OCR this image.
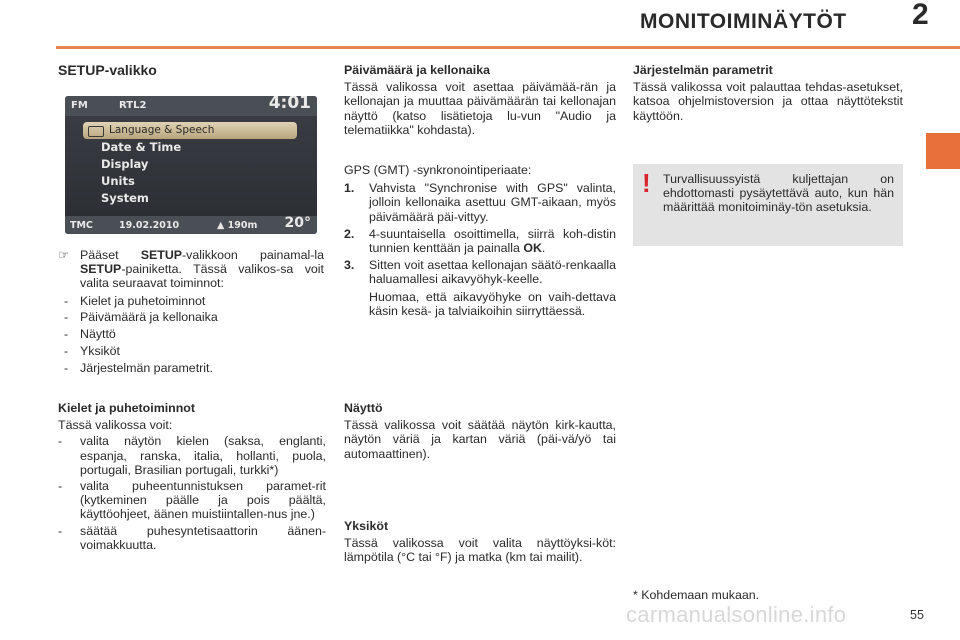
MONITOIMINÄYTÖT 2
SETUP-valikko
FM	RTL2	4:01
Language & Speech
Date & Time
Display
Units
System
TMC	19.02.2010	▲ 190m 20°
☞ Pääset SETUP-valikkoon painamal-la SETUP-painiketta. Tässä valikos-sa voit valita seuraavat toiminnot:
- Kielet ja puhetoiminnot
- Päivämäärä ja kellonaika
- Näyttö
- Yksiköt
- Järjestelmän parametrit.

Kielet ja puhetoiminnot

Tässä valikossa voit:

- valita näytön kielen (saksa, englanti, espanja, ranska, italia, hollanti, puola, portugali, Brasilian portugali, turkki*)
- valita puheentunnistuksen paramet-rit (kytkeminen päälle ja pois päältä, käyttöohjeet, äänen muistiintallen-nus jne.)
- säätää puhesyntetisaattorin äänen-voimakkuutta.

Päivämäärä ja kellonaika

Tässä valikossa voit asettaa päivämää-rän ja kellonajan ja muuttaa päivämäärän tai kellonajan näyttö (katso lisätietoja lu-vun "Audio ja telematiikka" kohdasta).

GPS (GMT) -synkronointiperiaate:

1. Vahvista "Synchronise with GPS" valinta, jolloin kellonaika asettuu GMT-aikaan, myös päivämäärä päi-vittyy.
2. 4-suuntaisella osoittimella, siirrä koh-distin tunnien kenttään ja painalla OK.
3. Sitten voit asettaa kellonajan säätö-renkaalla haluamallesi aikavyöhyk-keelle.

Huomaa, että aikavyöhyke on vaih-dettava käsin kesä- ja talviaikoihin siirryttäessä.

Näyttö

Tässä valikossa voit säätää näytön kirk-kautta, näytön väriä ja kartan väriä (päi-vä/yö tai automaattinen).

Yksiköt

Tässä valikossa voit valita näyttöyksi-köt: lämpötila (°C tai °F) ja matka (km tai mailit).

Järjestelmän parametrit

Tässä valikossa voit palauttaa tehdas-asetukset, katsoa ohjelmistoversion ja ottaa näyttötekstit käyttöön.

! Turvallisuussyistä kuljettajan on ehdottomasti pysäytettävä auto, kun hän määrittää monitoiminäy-tön asetuksia.

* Kohdemaan mukaan.
carmanualsonline.info	55
